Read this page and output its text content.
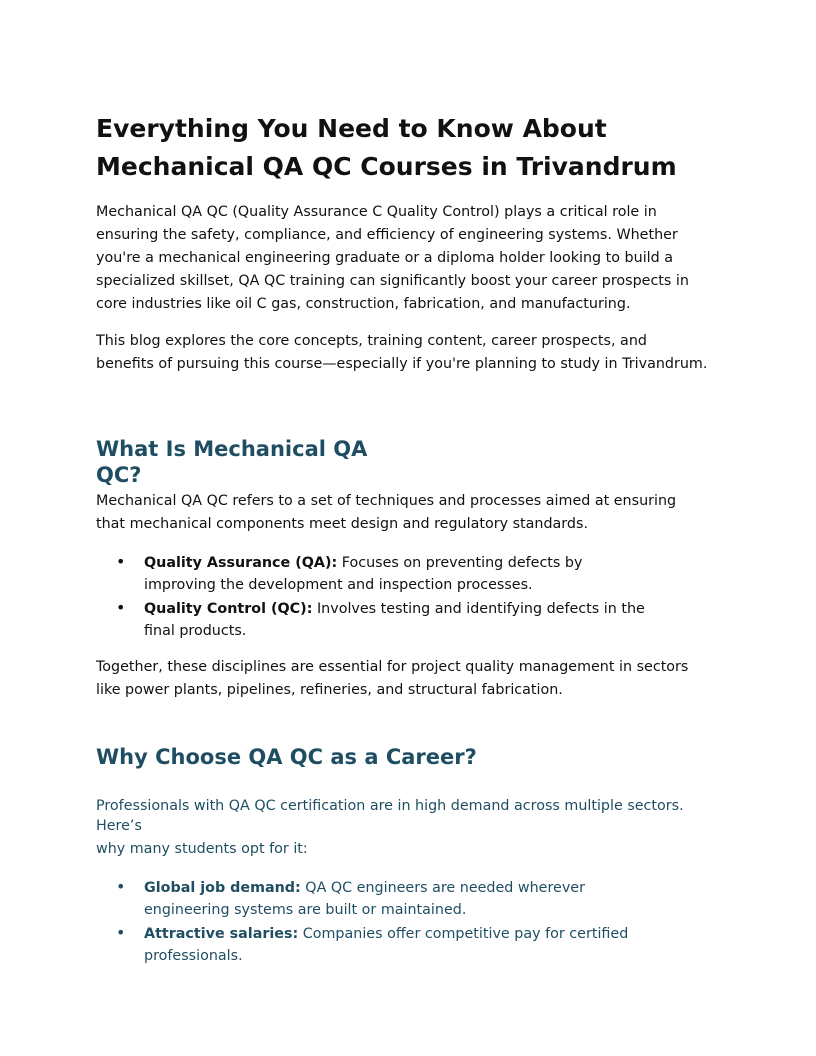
Everything You Need to Know About Mechanical QA QC Courses in Trivandrum

Mechanical QA QC (Quality Assurance C Quality Control) plays a critical role in ensuring the safety, compliance, and efficiency of engineering systems. Whether you're a mechanical engineering graduate or a diploma holder looking to build a specialized skillset, QA QC training can significantly boost your career prospects in core industries like oil C gas, construction, fabrication, and manufacturing.

This blog explores the core concepts, training content, career prospects, and benefits of pursuing this course—especially if you're planning to study in Trivandrum.

What Is Mechanical QA QC?

Mechanical QA QC refers to a set of techniques and processes aimed at ensuring that mechanical components meet design and regulatory standards.

• Quality Assurance (QA): Focuses on preventing defects by improving the development and inspection processes.
• Quality Control (QC): Involves testing and identifying defects in the final products.

Together, these disciplines are essential for project quality management in sectors like power plants, pipelines, refineries, and structural fabrication.

Why Choose QA QC as a Career?

Professionals with QA QC certification are in high demand across multiple sectors. Here’s

why many students opt for it:

• Global job demand: QA QC engineers are needed wherever engineering systems are built or maintained.
• Attractive salaries: Companies offer competitive pay for certified professionals.
